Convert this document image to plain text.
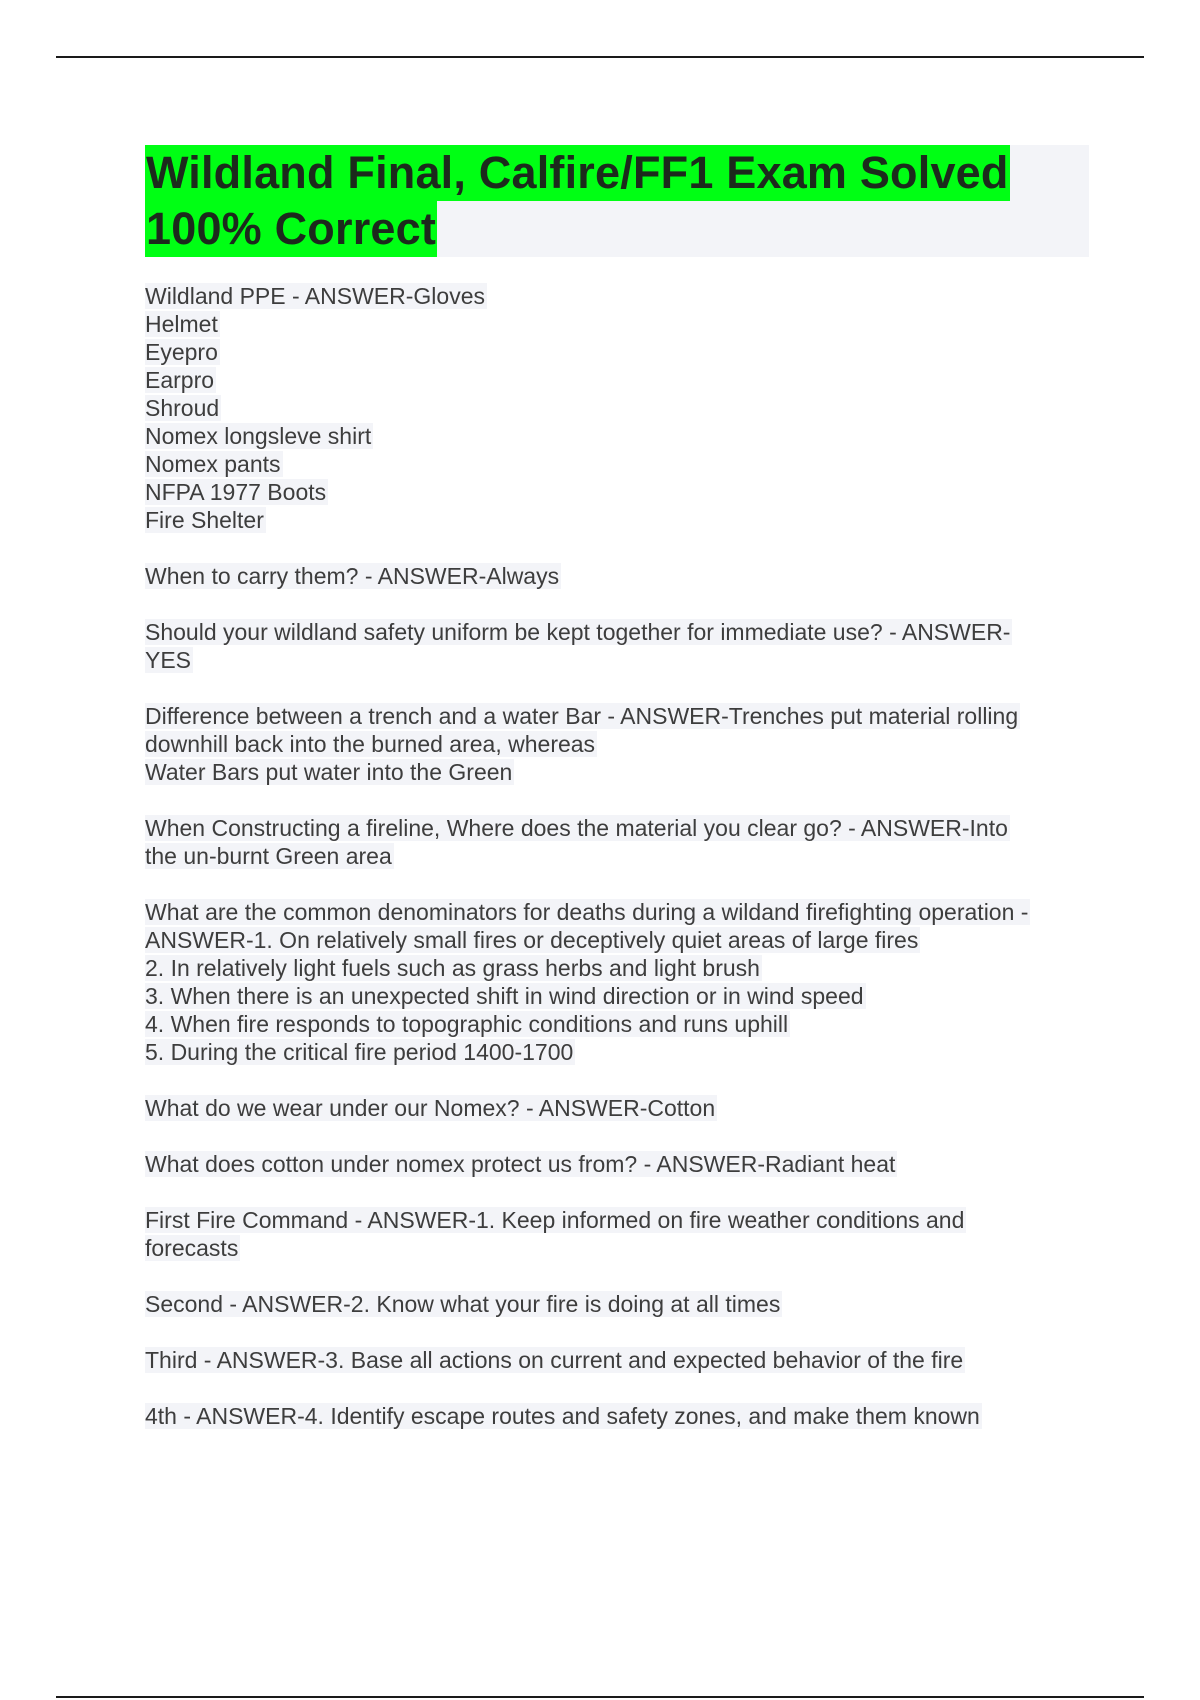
Wildland Final, Calfire/FF1 Exam Solved
100% Correct
Wildland PPE - ANSWER-Gloves
Helmet
Eyepro
Earpro
Shroud
Nomex longsleve shirt
Nomex pants
NFPA 1977 Boots
Fire Shelter
When to carry them? - ANSWER-Always
Should your wildland safety uniform be kept together for immediate use? - ANSWER-
YES
Difference between a trench and a water Bar - ANSWER-Trenches put material rolling
downhill back into the burned area, whereas
Water Bars put water into the Green
When Constructing a fireline, Where does the material you clear go? - ANSWER-Into
the un-burnt Green area
What are the common denominators for deaths during a wildand firefighting operation -
ANSWER-1. On relatively small fires or deceptively quiet areas of large fires
2. In relatively light fuels such as grass herbs and light brush
3. When there is an unexpected shift in wind direction or in wind speed
4. When fire responds to topographic conditions and runs uphill
5. During the critical fire period 1400-1700
What do we wear under our Nomex? - ANSWER-Cotton
What does cotton under nomex protect us from? - ANSWER-Radiant heat
First Fire Command - ANSWER-1. Keep informed on fire weather conditions and
forecasts
Second - ANSWER-2. Know what your fire is doing at all times
Third - ANSWER-3. Base all actions on current and expected behavior of the fire
4th - ANSWER-4. Identify escape routes and safety zones, and make them known
